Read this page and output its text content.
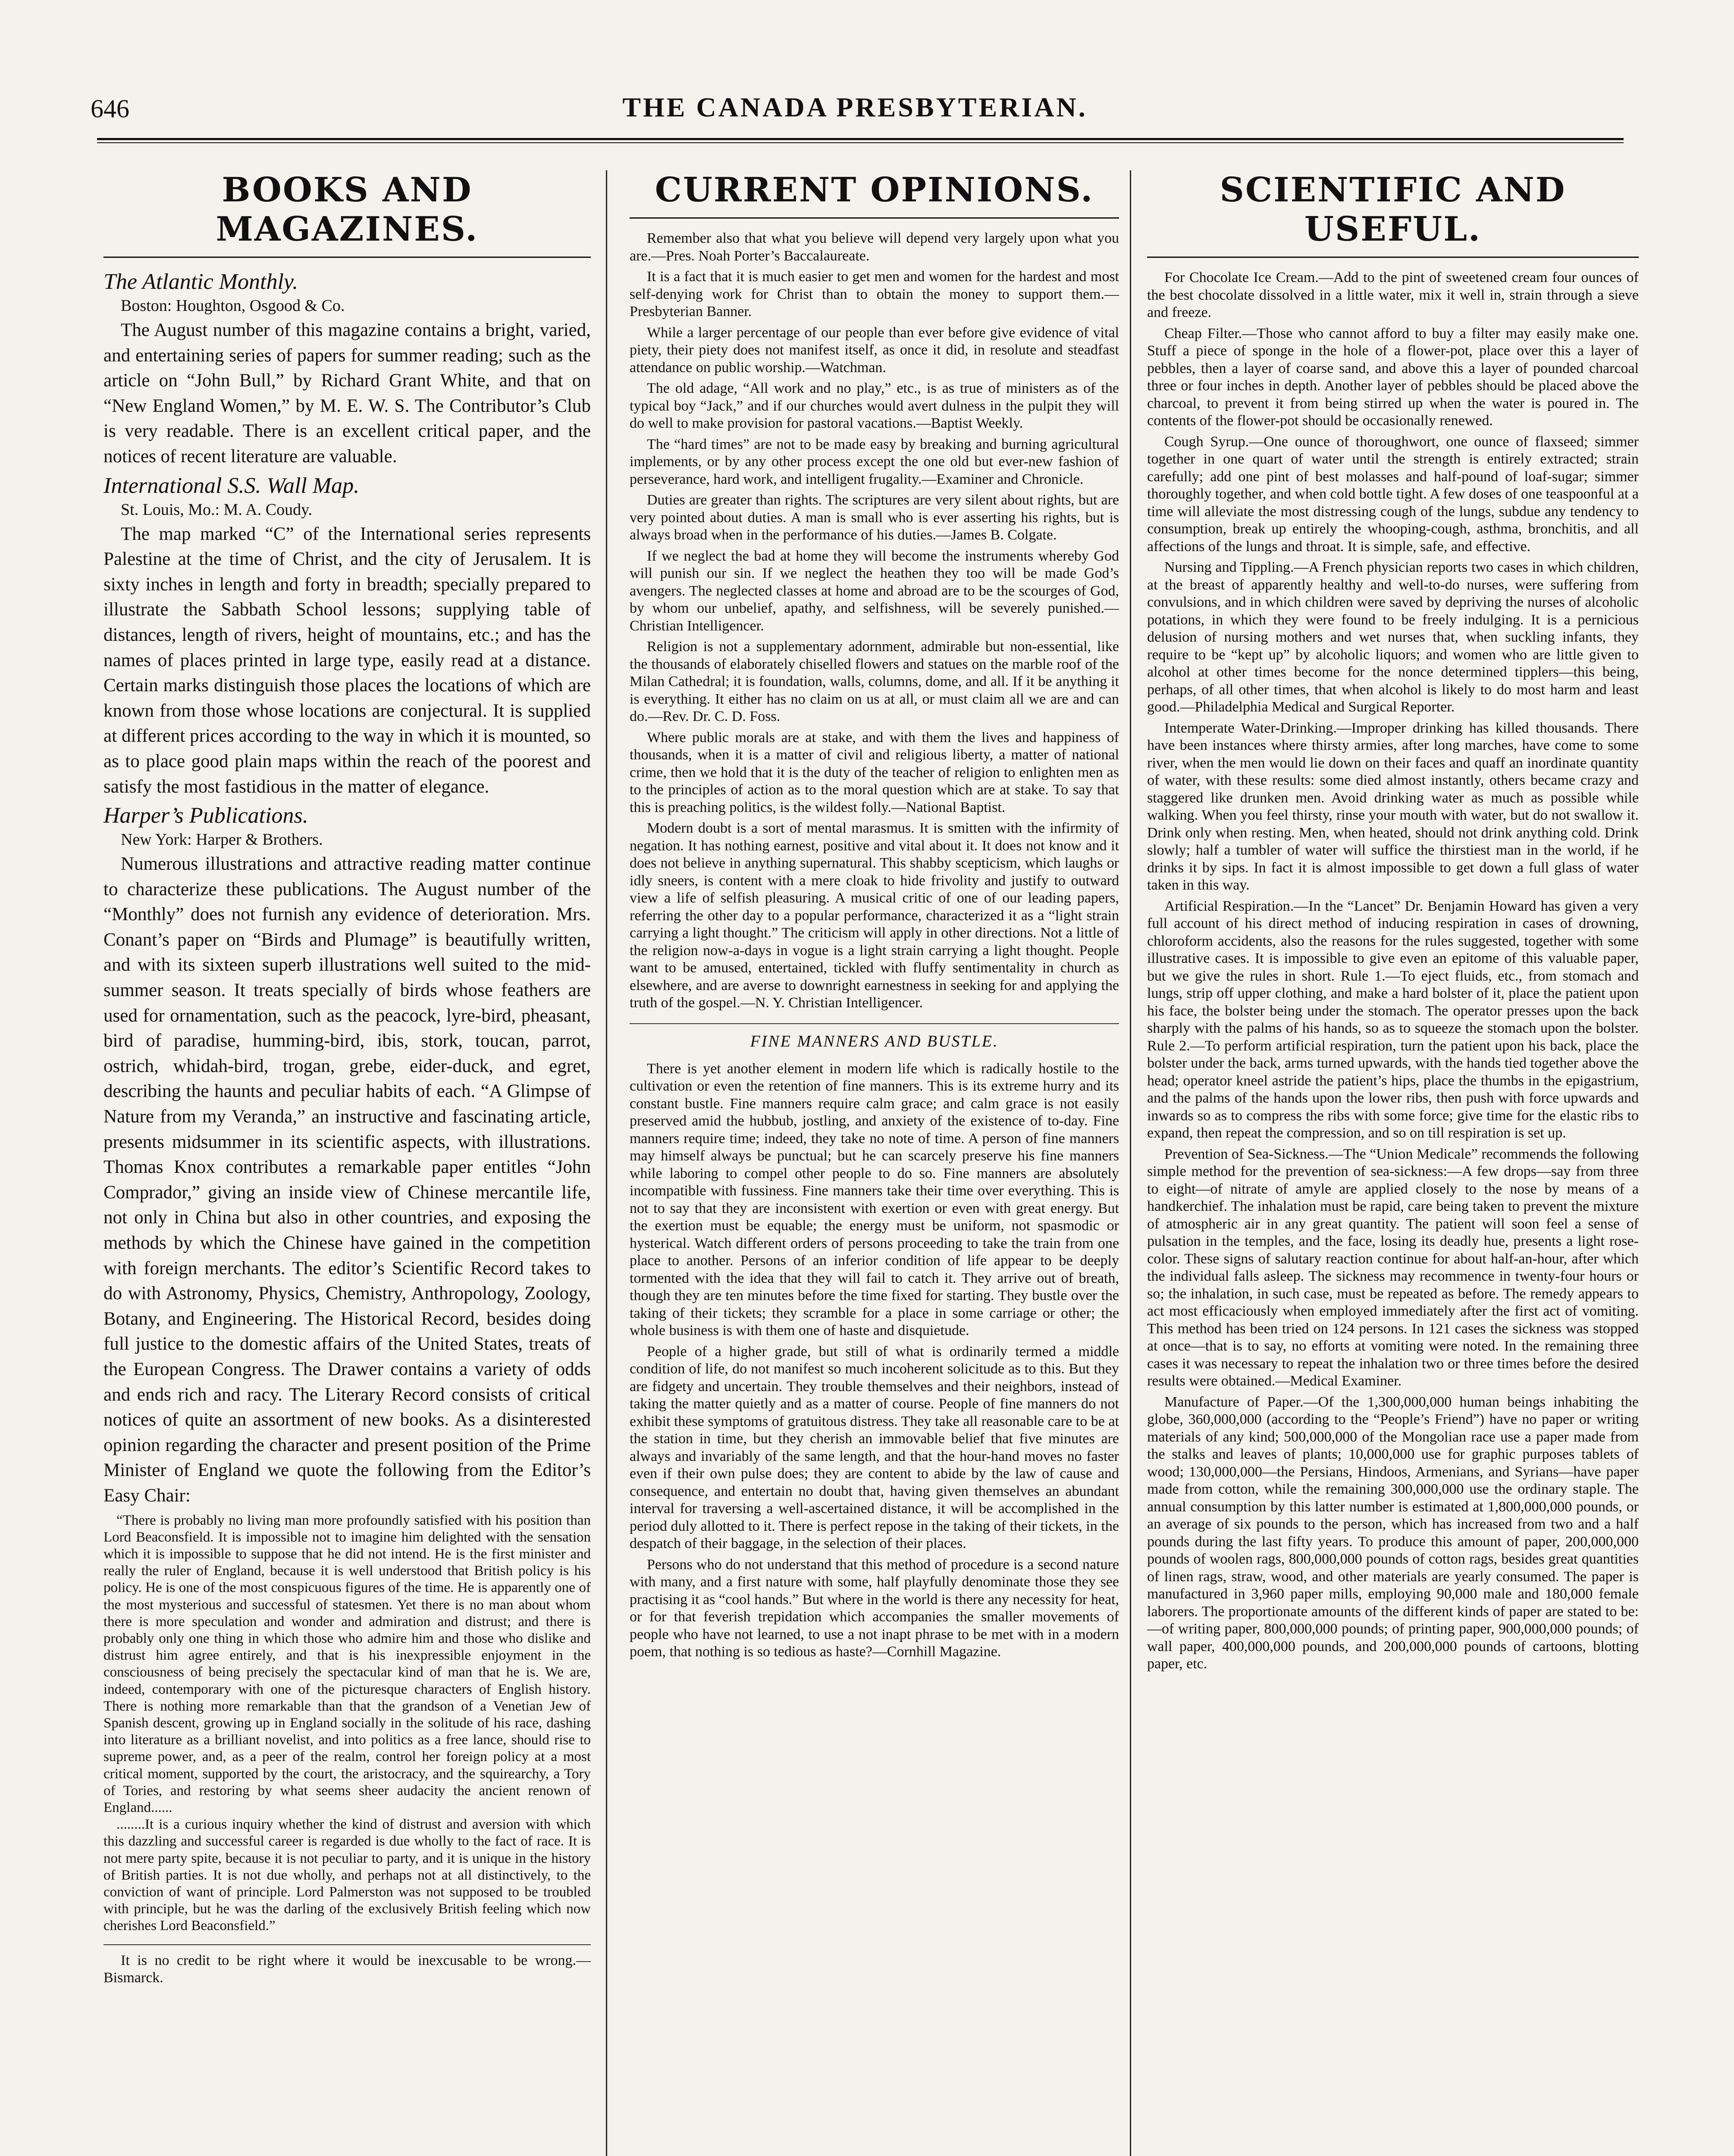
646	THE CANADA PRESBYTERIAN.
BOOKS AND MAGAZINES.
The Atlantic Monthly.
Boston: Houghton, Osgood & Co.

The August number of this magazine contains a bright, varied, and entertaining series of papers for summer reading; such as the article on “John Bull,” by Richard Grant White, and that on “New England Women,” by M. E. W. S. The Contributor’s Club is very readable. There is an excellent critical paper, and the notices of recent literature are valuable.

International S.S. Wall Map.
St. Louis, Mo.: M. A. Coudy.

The map marked “C” of the International series represents Palestine at the time of Christ, and the city of Jerusalem. It is sixty inches in length and forty in breadth; specially prepared to illustrate the Sabbath School lessons; supplying table of distances, length of rivers, height of mountains, etc.; and has the names of places printed in large type, easily read at a distance. Certain marks distinguish those places the locations of which are known from those whose locations are conjectural. It is supplied at different prices according to the way in which it is mounted, so as to place good plain maps within the reach of the poorest and satisfy the most fastidious in the matter of elegance.

Harper’s Publications.
New York: Harper & Brothers.

Numerous illustrations and attractive reading matter continue to characterize these publications. The August number of the “Monthly” does not furnish any evidence of deterioration. Mrs. Conant’s paper on “Birds and Plumage” is beautifully written, and with its sixteen superb illustrations well suited to the mid-summer season. It treats specially of birds whose feathers are used for ornamentation, such as the peacock, lyre-bird, pheasant, bird of paradise, humming-bird, ibis, stork, toucan, parrot, ostrich, whidah-bird, trogan, grebe, eider-duck, and egret, describing the haunts and peculiar habits of each. “A Glimpse of Nature from my Veranda,” an instructive and fascinating article, presents midsummer in its scientific aspects, with illustrations. Thomas Knox contributes a remarkable paper entitles “John Comprador,” giving an inside view of Chinese mercantile life, not only in China but also in other countries, and exposing the methods by which the Chinese have gained in the competition with foreign merchants. The editor’s Scientific Record takes to do with Astronomy, Physics, Chemistry, Anthropology, Zoology, Botany, and Engineering. The Historical Record, besides doing full justice to the domestic affairs of the United States, treats of the European Congress. The Drawer contains a variety of odds and ends rich and racy. The Literary Record consists of critical notices of quite an assortment of new books. As a disinterested opinion regarding the character and present position of the Prime Minister of England we quote the following from the Editor’s Easy Chair:

“There is probably no living man more profoundly satisfied with his position than Lord Beaconsfield. It is impossible not to imagine him delighted with the sensation which it is impossible to suppose that he did not intend. He is the first minister and really the ruler of England, because it is well understood that British policy is his policy. He is one of the most conspicuous figures of the time. He is apparently one of the most mysterious and successful of statesmen. Yet there is no man about whom there is more speculation and wonder and admiration and distrust; and there is probably only one thing in which those who admire him and those who dislike and distrust him agree entirely, and that is his inexpressible enjoyment in the consciousness of being precisely the spectacular kind of man that he is. We are, indeed, contemporary with one of the picturesque characters of English history. There is nothing more remarkable than that the grandson of a Venetian Jew of Spanish descent, growing up in England socially in the solitude of his race, dashing into literature as a brilliant novelist, and into politics as a free lance, should rise to supreme power, and, as a peer of the realm, control her foreign policy at a most critical moment, supported by the court, the aristocracy, and the squirearchy, a Tory of Tories, and restoring by what seems sheer audacity the ancient renown of England......

........It is a curious inquiry whether the kind of distrust and aversion with which this dazzling and successful career is regarded is due wholly to the fact of race. It is not mere party spite, because it is not peculiar to party, and it is unique in the history of British parties. It is not due wholly, and perhaps not at all distinctively, to the conviction of want of principle. Lord Palmerston was not supposed to be troubled with principle, but he was the darling of the exclusively British feeling which now cherishes Lord Beaconsfield.”

It is no credit to be right where it would be inexcusable to be wrong.—Bismarck.

CURRENT OPINIONS.

Remember also that what you believe will depend very largely upon what you are.—Pres. Noah Porter’s Baccalaureate.

It is a fact that it is much easier to get men and women for the hardest and most self-denying work for Christ than to obtain the money to support them.—Presbyterian Banner.

While a larger percentage of our people than ever before give evidence of vital piety, their piety does not manifest itself, as once it did, in resolute and steadfast attendance on public worship.—Watchman.

The old adage, “All work and no play,” etc., is as true of ministers as of the typical boy “Jack,” and if our churches would avert dulness in the pulpit they will do well to make provision for pastoral vacations.—Baptist Weekly.

The “hard times” are not to be made easy by breaking and burning agricultural implements, or by any other process except the one old but ever-new fashion of perseverance, hard work, and intelligent frugality.—Examiner and Chronicle.

Duties are greater than rights. The scriptures are very silent about rights, but are very pointed about duties. A man is small who is ever asserting his rights, but is always broad when in the performance of his duties.—James B. Colgate.

If we neglect the bad at home they will become the instruments whereby God will punish our sin. If we neglect the heathen they too will be made God’s avengers. The neglected classes at home and abroad are to be the scourges of God, by whom our unbelief, apathy, and selfishness, will be severely punished.—Christian Intelligencer.

Religion is not a supplementary adornment, admirable but non-essential, like the thousands of elaborately chiselled flowers and statues on the marble roof of the Milan Cathedral; it is foundation, walls, columns, dome, and all. If it be anything it is everything. It either has no claim on us at all, or must claim all we are and can do.—Rev. Dr. C. D. Foss.

Where public morals are at stake, and with them the lives and happiness of thousands, when it is a matter of civil and religious liberty, a matter of national crime, then we hold that it is the duty of the teacher of religion to enlighten men as to the principles of action as to the moral question which are at stake. To say that this is preaching politics, is the wildest folly.—National Baptist.

Modern doubt is a sort of mental marasmus. It is smitten with the infirmity of negation. It has nothing earnest, positive and vital about it. It does not know and it does not believe in anything supernatural. This shabby scepticism, which laughs or idly sneers, is content with a mere cloak to hide frivolity and justify to outward view a life of selfish pleasuring. A musical critic of one of our leading papers, referring the other day to a popular performance, characterized it as a “light strain carrying a light thought.” The criticism will apply in other directions. Not a little of the religion now-a-days in vogue is a light strain carrying a light thought. People want to be amused, entertained, tickled with fluffy sentimentality in church as elsewhere, and are averse to downright earnestness in seeking for and applying the truth of the gospel.—N. Y. Christian Intelligencer.

FINE MANNERS AND BUSTLE.

There is yet another element in modern life which is radically hostile to the cultivation or even the retention of fine manners. This is its extreme hurry and its constant bustle. Fine manners require calm grace; and calm grace is not easily preserved amid the hubbub, jostling, and anxiety of the existence of to-day. Fine manners require time; indeed, they take no note of time. A person of fine manners may himself always be punctual; but he can scarcely preserve his fine manners while laboring to compel other people to do so. Fine manners are absolutely incompatible with fussiness. Fine manners take their time over everything. This is not to say that they are inconsistent with exertion or even with great energy. But the exertion must be equable; the energy must be uniform, not spasmodic or hysterical. Watch different orders of persons proceeding to take the train from one place to another. Persons of an inferior condition of life appear to be deeply tormented with the idea that they will fail to catch it. They arrive out of breath, though they are ten minutes before the time fixed for starting. They bustle over the taking of their tickets; they scramble for a place in some carriage or other; the whole business is with them one of haste and disquietude.

People of a higher grade, but still of what is ordinarily termed a middle condition of life, do not manifest so much incoherent solicitude as to this. But they are fidgety and uncertain. They trouble themselves and their neighbors, instead of taking the matter quietly and as a matter of course. People of fine manners do not exhibit these symptoms of gratuitous distress. They take all reasonable care to be at the station in time, but they cherish an immovable belief that five minutes are always and invariably of the same length, and that the hour-hand moves no faster even if their own pulse does; they are content to abide by the law of cause and consequence, and entertain no doubt that, having given themselves an abundant interval for traversing a well-ascertained distance, it will be accomplished in the period duly allotted to it. There is perfect repose in the taking of their tickets, in the despatch of their baggage, in the selection of their places.

Persons who do not understand that this method of procedure is a second nature with many, and a first nature with some, half playfully denominate those they see practising it as “cool hands.” But where in the world is there any necessity for heat, or for that feverish trepidation which accompanies the smaller movements of people who have not learned, to use a not inapt phrase to be met with in a modern poem, that nothing is so tedious as haste?—Cornhill Magazine.

SCIENTIFIC AND USEFUL.

For Chocolate Ice Cream.—Add to the pint of sweetened cream four ounces of the best chocolate dissolved in a little water, mix it well in, strain through a sieve and freeze.

Cheap Filter.—Those who cannot afford to buy a filter may easily make one. Stuff a piece of sponge in the hole of a flower-pot, place over this a layer of pebbles, then a layer of coarse sand, and above this a layer of pounded charcoal three or four inches in depth. Another layer of pebbles should be placed above the charcoal, to prevent it from being stirred up when the water is poured in. The contents of the flower-pot should be occasionally renewed.

Cough Syrup.—One ounce of thoroughwort, one ounce of flaxseed; simmer together in one quart of water until the strength is entirely extracted; strain carefully; add one pint of best molasses and half-pound of loaf-sugar; simmer thoroughly together, and when cold bottle tight. A few doses of one teaspoonful at a time will alleviate the most distressing cough of the lungs, subdue any tendency to consumption, break up entirely the whooping-cough, asthma, bronchitis, and all affections of the lungs and throat. It is simple, safe, and effective.

Nursing and Tippling.—A French physician reports two cases in which children, at the breast of apparently healthy and well-to-do nurses, were suffering from convulsions, and in which children were saved by depriving the nurses of alcoholic potations, in which they were found to be freely indulging. It is a pernicious delusion of nursing mothers and wet nurses that, when suckling infants, they require to be “kept up” by alcoholic liquors; and women who are little given to alcohol at other times become for the nonce determined tipplers—this being, perhaps, of all other times, that when alcohol is likely to do most harm and least good.—Philadelphia Medical and Surgical Reporter.

Intemperate Water-Drinking.—Improper drinking has killed thousands. There have been instances where thirsty armies, after long marches, have come to some river, when the men would lie down on their faces and quaff an inordinate quantity of water, with these results: some died almost instantly, others became crazy and staggered like drunken men. Avoid drinking water as much as possible while walking. When you feel thirsty, rinse your mouth with water, but do not swallow it. Drink only when resting. Men, when heated, should not drink anything cold. Drink slowly; half a tumbler of water will suffice the thirstiest man in the world, if he drinks it by sips. In fact it is almost impossible to get down a full glass of water taken in this way.

Artificial Respiration.—In the “Lancet” Dr. Benjamin Howard has given a very full account of his direct method of inducing respiration in cases of drowning, chloroform accidents, also the reasons for the rules suggested, together with some illustrative cases. It is impossible to give even an epitome of this valuable paper, but we give the rules in short. Rule 1.—To eject fluids, etc., from stomach and lungs, strip off upper clothing, and make a hard bolster of it, place the patient upon his face, the bolster being under the stomach. The operator presses upon the back sharply with the palms of his hands, so as to squeeze the stomach upon the bolster. Rule 2.—To perform artificial respiration, turn the patient upon his back, place the bolster under the back, arms turned upwards, with the hands tied together above the head; operator kneel astride the patient’s hips, place the thumbs in the epigastrium, and the palms of the hands upon the lower ribs, then push with force upwards and inwards so as to compress the ribs with some force; give time for the elastic ribs to expand, then repeat the compression, and so on till respiration is set up.

Prevention of Sea-Sickness.—The “Union Medicale” recommends the following simple method for the prevention of sea-sickness:—A few drops—say from three to eight—of nitrate of amyle are applied closely to the nose by means of a handkerchief. The inhalation must be rapid, care being taken to prevent the mixture of atmospheric air in any great quantity. The patient will soon feel a sense of pulsation in the temples, and the face, losing its deadly hue, presents a light rose-color. These signs of salutary reaction continue for about half-an-hour, after which the individual falls asleep. The sickness may recommence in twenty-four hours or so; the inhalation, in such case, must be repeated as before. The remedy appears to act most efficaciously when employed immediately after the first act of vomiting. This method has been tried on 124 persons. In 121 cases the sickness was stopped at once—that is to say, no efforts at vomiting were noted. In the remaining three cases it was necessary to repeat the inhalation two or three times before the desired results were obtained.—Medical Examiner.

Manufacture of Paper.—Of the 1,300,000,000 human beings inhabiting the globe, 360,000,000 (according to the “People’s Friend”) have no paper or writing materials of any kind; 500,000,000 of the Mongolian race use a paper made from the stalks and leaves of plants; 10,000,000 use for graphic purposes tablets of wood; 130,000,000—the Persians, Hindoos, Armenians, and Syrians—have paper made from cotton, while the remaining 300,000,000 use the ordinary staple. The annual consumption by this latter number is estimated at 1,800,000,000 pounds, or an average of six pounds to the person, which has increased from two and a half pounds during the last fifty years. To produce this amount of paper, 200,000,000 pounds of woolen rags, 800,000,000 pounds of cotton rags, besides great quantities of linen rags, straw, wood, and other materials are yearly consumed. The paper is manufactured in 3,960 paper mills, employing 90,000 male and 180,000 female laborers. The proportionate amounts of the different kinds of paper are stated to be:—of writing paper, 800,000,000 pounds; of printing paper, 900,000,000 pounds; of wall paper, 400,000,000 pounds, and 200,000,000 pounds of cartoons, blotting paper, etc.
